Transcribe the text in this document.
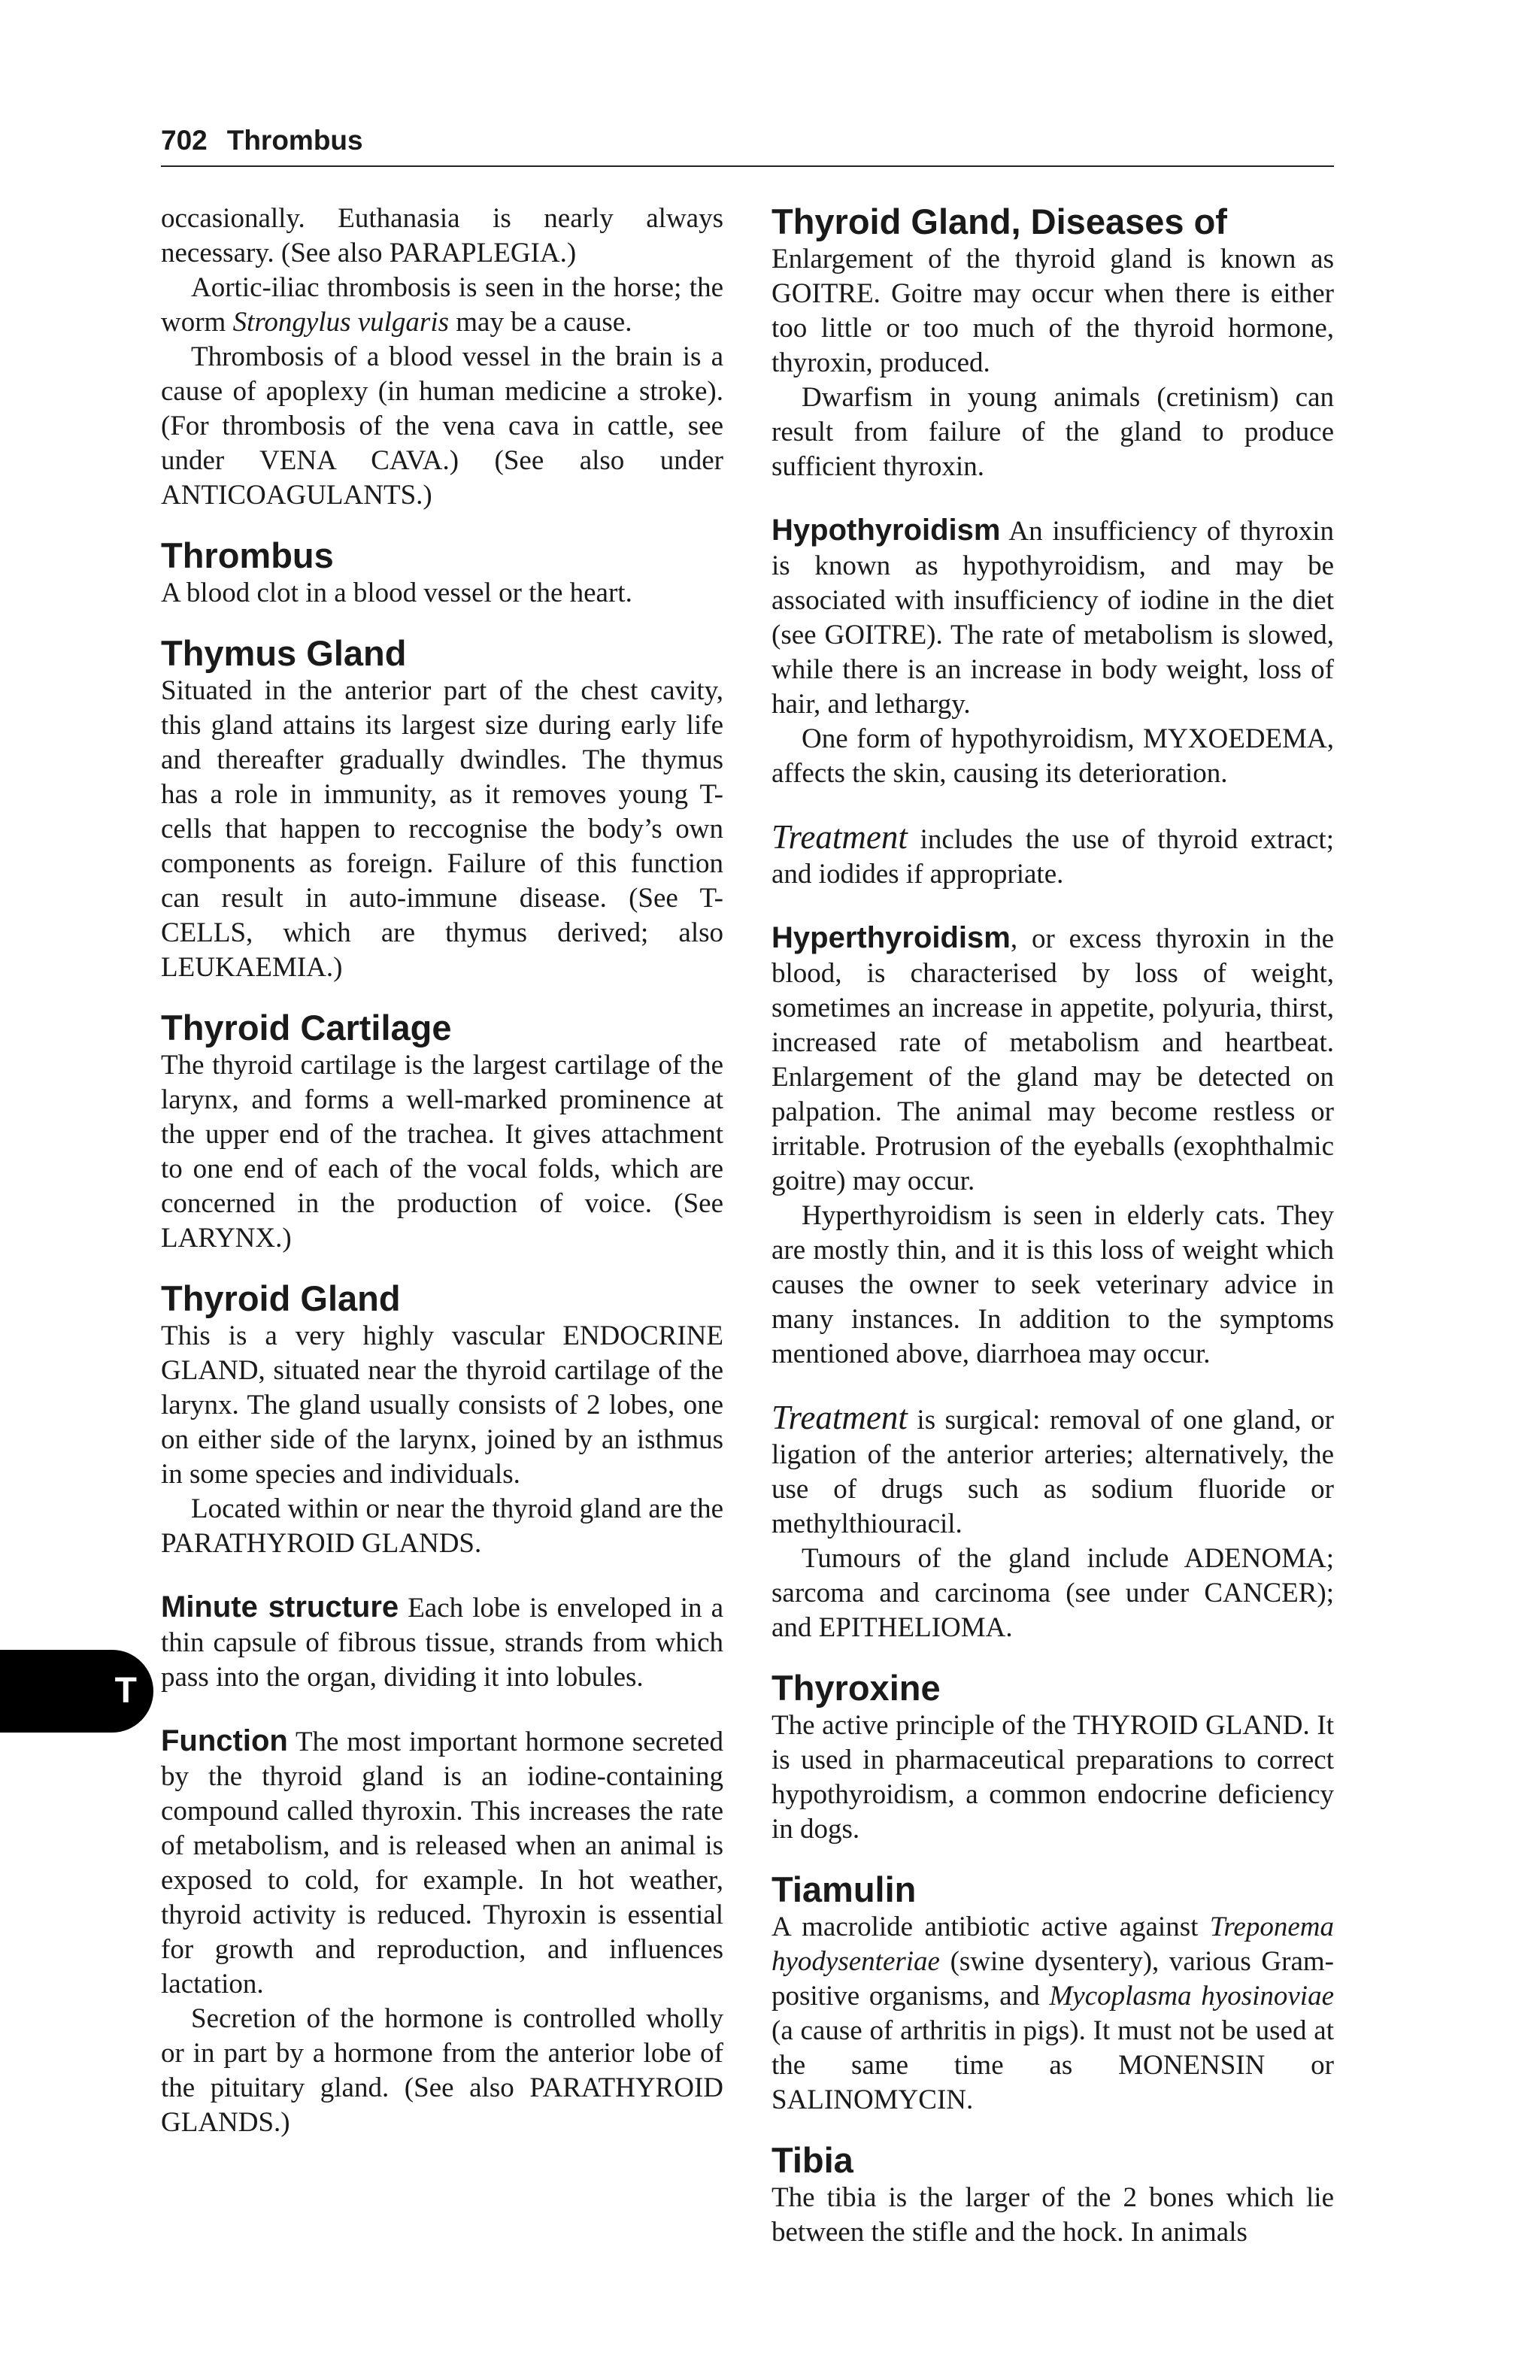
702 Thrombus
T

occasionally. Euthanasia is nearly always necessary. (See also PARAPLEGIA.)

Aortic-iliac thrombosis is seen in the horse; the worm Strongylus vulgaris may be a cause.

Thrombosis of a blood vessel in the brain is a cause of apoplexy (in human medicine a stroke). (For thrombosis of the vena cava in cattle, see under VENA CAVA.) (See also under ANTICOAGULANTS.)

Thrombus

A blood clot in a blood vessel or the heart.

Thymus Gland

Situated in the anterior part of the chest cavity, this gland attains its largest size during early life and thereafter gradually dwindles. The thymus has a role in immunity, as it removes young T-cells that happen to reccognise the body’s own components as foreign. Failure of this function can result in auto-immune disease. (See T-CELLS, which are thymus derived; also LEUKAEMIA.)

Thyroid Cartilage

The thyroid cartilage is the largest cartilage of the larynx, and forms a well-marked prominence at the upper end of the trachea. It gives attachment to one end of each of the vocal folds, which are concerned in the production of voice. (See LARYNX.)

Thyroid Gland

This is a very highly vascular ENDOCRINE GLAND, situated near the thyroid cartilage of the larynx. The gland usually consists of 2 lobes, one on either side of the larynx, joined by an isthmus in some species and individuals.

Located within or near the thyroid gland are the PARATHYROID GLANDS.

Minute structure Each lobe is enveloped in a thin capsule of fibrous tissue, strands from which pass into the organ, dividing it into lobules.

Function The most important hormone secreted by the thyroid gland is an iodine-containing compound called thyroxin. This increases the rate of metabolism, and is released when an animal is exposed to cold, for example. In hot weather, thyroid activity is reduced. Thyroxin is essential for growth and reproduction, and influences lactation.

Secretion of the hormone is controlled wholly or in part by a hormone from the anterior lobe of the pituitary gland. (See also PARATHYROID GLANDS.)

Thyroid Gland, Diseases of

Enlargement of the thyroid gland is known as GOITRE. Goitre may occur when there is either too little or too much of the thyroid hormone, thyroxin, produced.

Dwarfism in young animals (cretinism) can result from failure of the gland to produce sufficient thyroxin.

Hypothyroidism An insufficiency of thyroxin is known as hypothyroidism, and may be associated with insufficiency of iodine in the diet (see GOITRE). The rate of metabolism is slowed, while there is an increase in body weight, loss of hair, and lethargy.

One form of hypothyroidism, MYXOEDEMA, affects the skin, causing its deterioration.

Treatment includes the use of thyroid extract; and iodides if appropriate.

Hyperthyroidism, or excess thyroxin in the blood, is characterised by loss of weight, sometimes an increase in appetite, polyuria, thirst, increased rate of metabolism and heartbeat. Enlargement of the gland may be detected on palpation. The animal may become restless or irritable. Protrusion of the eyeballs (exophthalmic goitre) may occur.

Hyperthyroidism is seen in elderly cats. They are mostly thin, and it is this loss of weight which causes the owner to seek veterinary advice in many instances. In addition to the symptoms mentioned above, diarrhoea may occur.

Treatment is surgical: removal of one gland, or ligation of the anterior arteries; alternatively, the use of drugs such as sodium fluoride or methylthiouracil.

Tumours of the gland include ADENOMA; sarcoma and carcinoma (see under CANCER); and EPITHELIOMA.

Thyroxine

The active principle of the THYROID GLAND. It is used in pharmaceutical preparations to correct hypothyroidism, a common endocrine deficiency in dogs.

Tiamulin

A macrolide antibiotic active against Treponema hyodysenteriae (swine dysentery), various Gram-positive organisms, and Mycoplasma hyosinoviae (a cause of arthritis in pigs). It must not be used at the same time as MONENSIN or SALINOMYCIN.

Tibia

The tibia is the larger of the 2 bones which lie between the stifle and the hock. In animals
